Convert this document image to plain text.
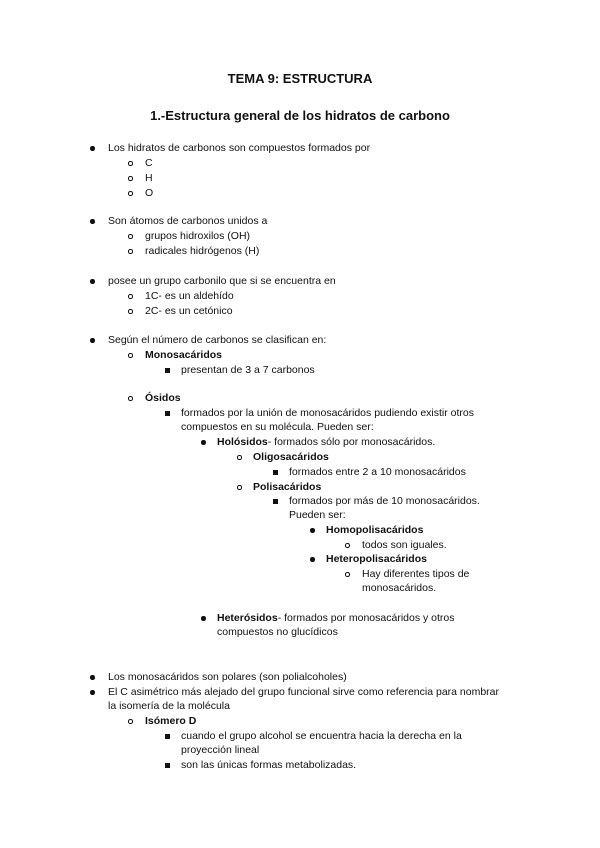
TEMA 9: ESTRUCTURA
1.-Estructura general de los hidratos de carbono
Los hidratos de carbonos son compuestos formados por
C
H
O
Son átomos de carbonos unidos a
grupos hidroxilos (OH)
radicales hidrógenos (H)
posee un grupo carbonilo que si se encuentra en
1C- es un aldehído
2C- es un cetónico
Según el número de carbonos se clasifican en:
Monosacáridos
presentan de 3 a 7 carbonos
Ósidos
formados por la unión de monosacáridos pudiendo existir otros
compuestos en su molécula. Pueden ser:
Holósidos- formados sólo por monosacáridos.
Oligosacáridos
formados entre 2 a 10 monosacáridos
Polisacáridos
formados por más de 10 monosacáridos.
Pueden ser:
Homopolisacáridos
todos son iguales.
Heteropolisacáridos
Hay diferentes tipos de
monosacáridos.
Heterósidos- formados por monosacáridos y otros
compuestos no glucídicos
Los monosacáridos son polares (son polialcoholes)
El C asimétrico más alejado del grupo funcional sirve como referencia para nombrar
la isomería de la molécula
Isómero D
cuando el grupo alcohol se encuentra hacia la derecha en la
proyección lineal
son las únicas formas metabolizadas.
